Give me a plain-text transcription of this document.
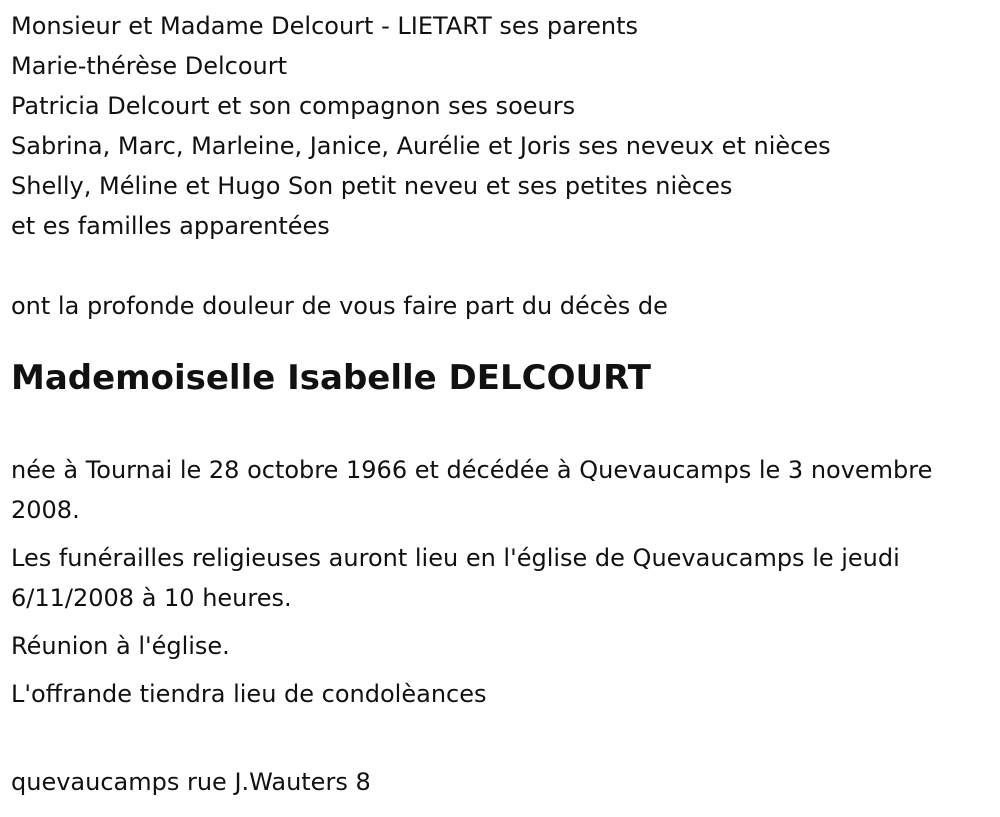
Monsieur et Madame Delcourt - LIETART ses parents
Marie-thérèse Delcourt
Patricia Delcourt et son compagnon ses soeurs
Sabrina, Marc, Marleine, Janice, Aurélie et Joris ses neveux et nièces
Shelly, Méline et Hugo Son petit neveu et ses petites nièces
et es familles apparentées
ont la profonde douleur de vous faire part du décès de
Mademoiselle Isabelle DELCOURT
née à Tournai le 28 octobre 1966 et décédée à Quevaucamps le 3 novembre 2008.
Les funérailles religieuses auront lieu en l'église de Quevaucamps le jeudi 6/11/2008 à 10 heures.
Réunion à l'église.
L'offrande tiendra lieu de condolèances
quevaucamps rue J.Wauters 8
